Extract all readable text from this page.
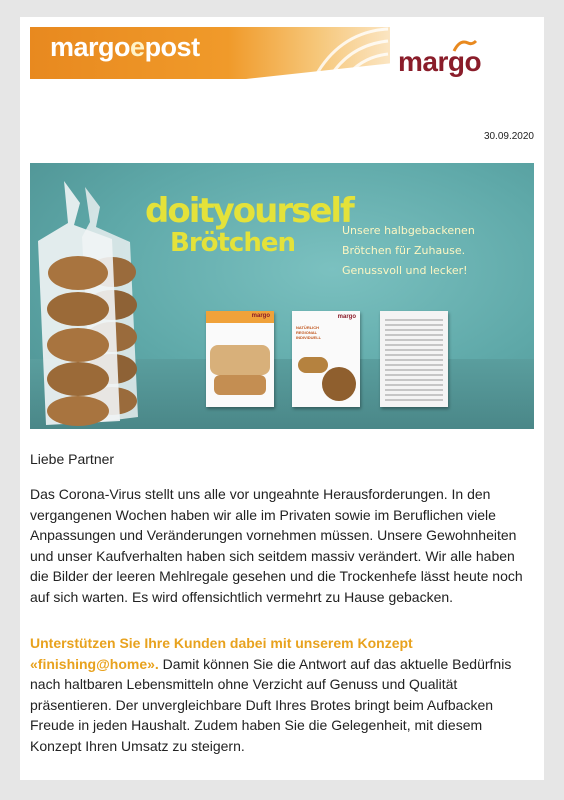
margoepost	margo
30.09.2020
doityourself
Brötchen	Unsere halbgebackenen
Brötchen für Zuhause.
Genussvoll und lecker!
margo	margo
NATÜRLICH REGIONAL INDIVIDUELL
Liebe Partner
Das Corona-Virus stellt uns alle vor ungeahnte Herausforderungen. In den vergangenen Wochen haben wir alle im Privaten sowie im Beruflichen viele Anpassungen und Veränderungen vornehmen müssen. Unsere Gewohnheiten und unser Kaufverhalten haben sich seitdem massiv verändert. Wir alle haben die Bilder der leeren Mehlregale gesehen und die Trockenhefe lässt heute noch auf sich warten. Es wird offensichtlich vermehrt zu Hause gebacken.
Unterstützen Sie Ihre Kunden dabei mit unserem Konzept «finishing@home». Damit können Sie die Antwort auf das aktuelle Bedürfnis nach haltbaren Lebensmitteln ohne Verzicht auf Genuss und Qualität präsentieren. Der unvergleichbare Duft Ihres Brotes bringt beim Aufbacken Freude in jeden Haushalt. Zudem haben Sie die Gelegenheit, mit diesem Konzept Ihren Umsatz zu steigern.
